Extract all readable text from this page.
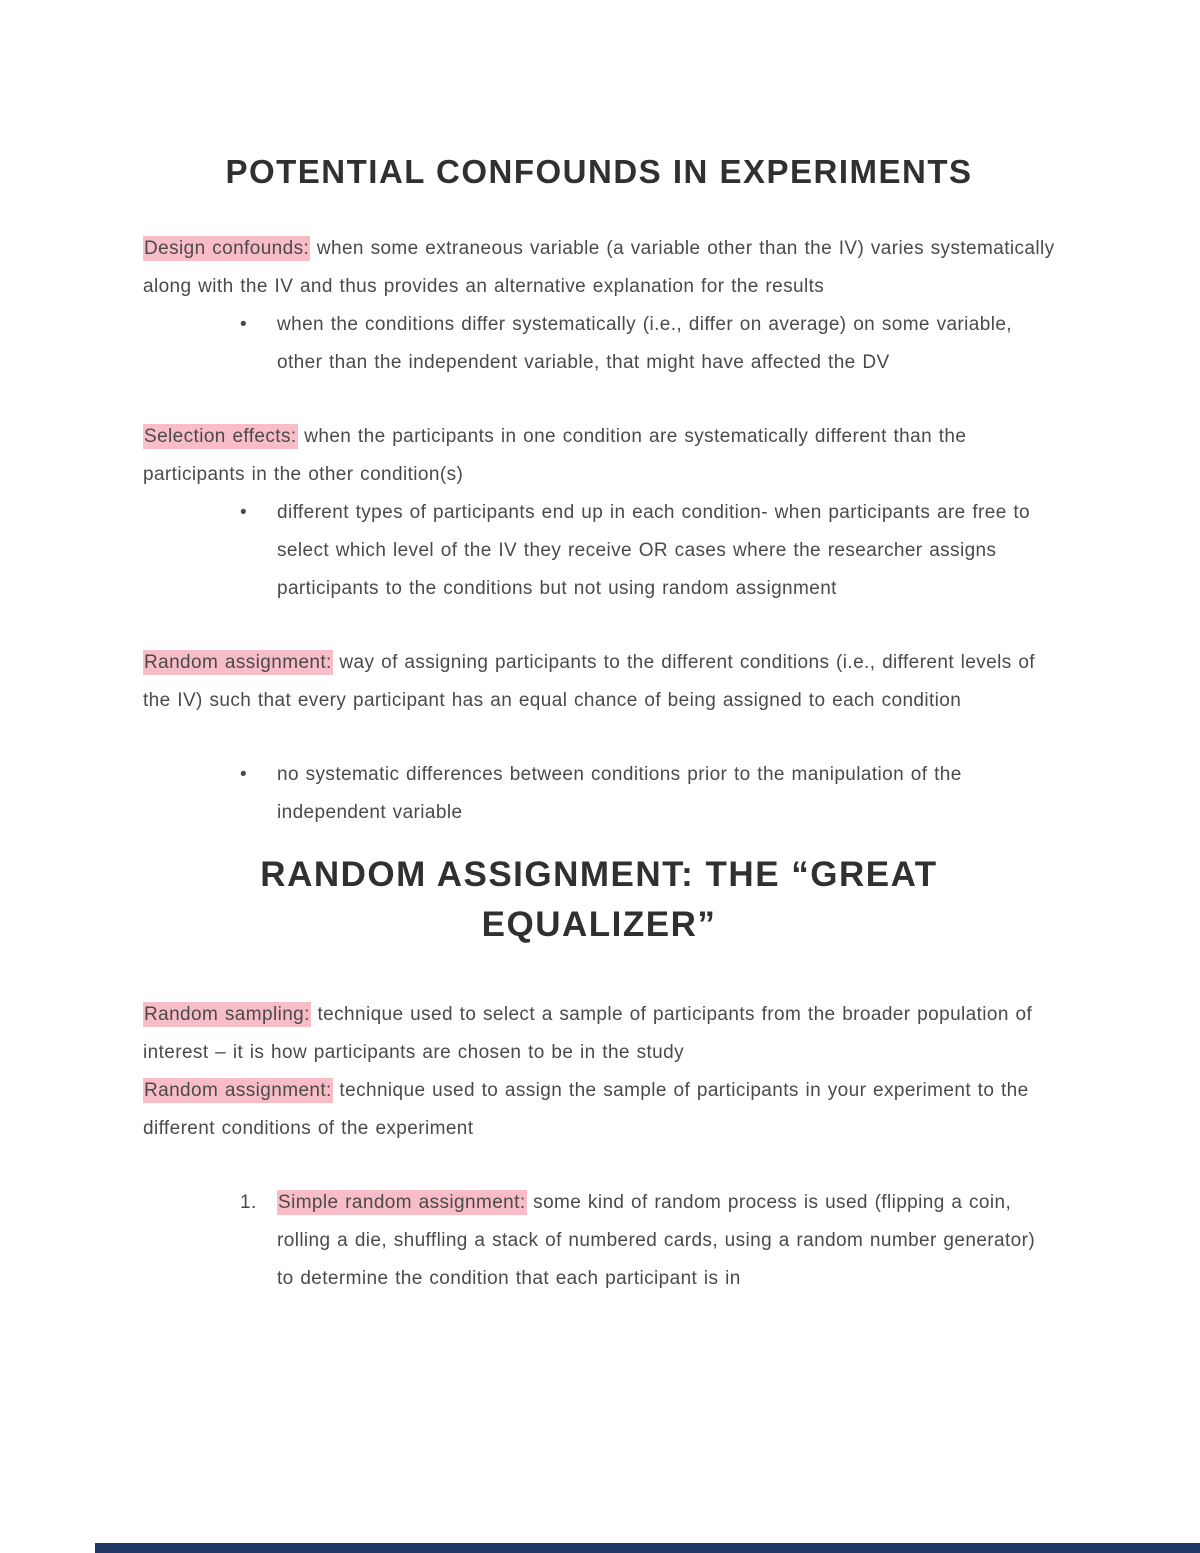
POTENTIAL CONFOUNDS IN EXPERIMENTS

Design confounds: when some extraneous variable (a variable other than the IV) varies systematically along with the IV and thus provides an alternative explanation for the results

•	when the conditions differ systematically (i.e., differ on average) on some variable, other than the independent variable, that might have affected the DV

Selection effects: when the participants in one condition are systematically different than the participants in the other condition(s)

•	different types of participants end up in each condition- when participants are free to select which level of the IV they receive OR cases where the researcher assigns participants to the conditions but not using random assignment

Random assignment: way of assigning participants to the different conditions (i.e., different levels of the IV) such that every participant has an equal chance of being assigned to each condition

•	no systematic differences between conditions prior to the manipulation of the independent variable
RANDOM ASSIGNMENT: THE “GREAT
EQUALIZER”

Random sampling: technique used to select a sample of participants from the broader population of interest – it is how participants are chosen to be in the study

Random assignment: technique used to assign the sample of participants in your experiment to the different conditions of the experiment

1.	Simple random assignment: some kind of random process is used (flipping a coin, rolling a die, shuffling a stack of numbered cards, using a random number generator) to determine the condition that each participant is in
